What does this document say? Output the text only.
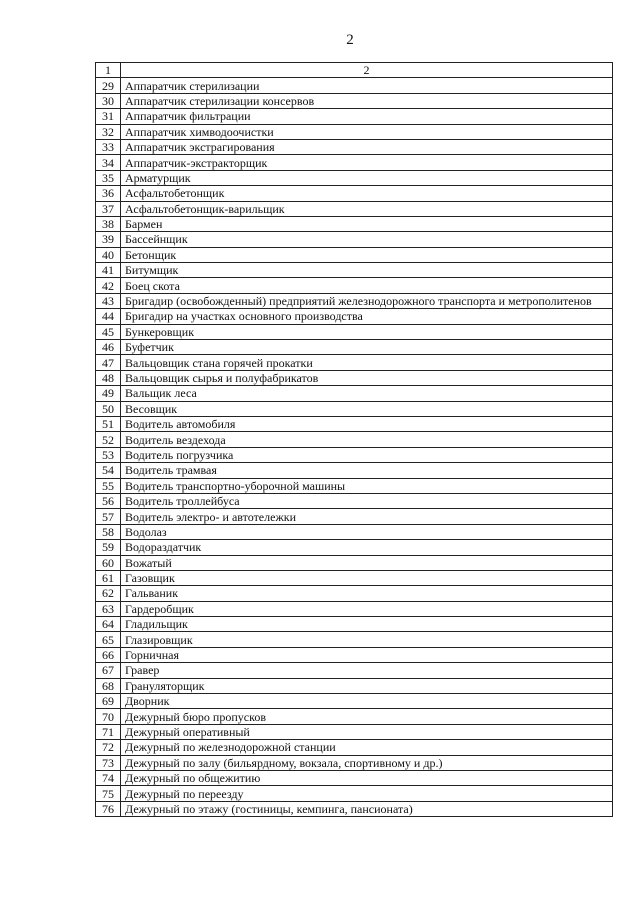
2
1	2
29	Аппаратчик стерилизации
30	Аппаратчик стерилизации консервов
31	Аппаратчик фильтрации
32	Аппаратчик химводоочистки
33	Аппаратчик экстрагирования
34	Аппаратчик-экстракторщик
35	Арматурщик
36	Асфальтобетонщик
37	Асфальтобетонщик-варильщик
38	Бармен
39	Бассейнщик
40	Бетонщик
41	Битумщик
42	Боец скота
43	Бригадир (освобожденный) предприятий железнодорожного транспорта и метрополитенов
44	Бригадир на участках основного производства
45	Бункеровщик
46	Буфетчик
47	Вальцовщик стана горячей прокатки
48	Вальцовщик сырья и полуфабрикатов
49	Вальщик леса
50	Весовщик
51	Водитель автомобиля
52	Водитель вездехода
53	Водитель погрузчика
54	Водитель трамвая
55	Водитель транспортно-уборочной машины
56	Водитель троллейбуса
57	Водитель электро- и автотележки
58	Водолаз
59	Водораздатчик
60	Вожатый
61	Газовщик
62	Гальваник
63	Гардеробщик
64	Гладильщик
65	Глазировщик
66	Горничная
67	Гравер
68	Грануляторщик
69	Дворник
70	Дежурный бюро пропусков
71	Дежурный оперативный
72	Дежурный по железнодорожной станции
73	Дежурный по залу (бильярдному, вокзала, спортивному и др.)
74	Дежурный по общежитию
75	Дежурный по переезду
76	Дежурный по этажу (гостиницы, кемпинга, пансионата)
